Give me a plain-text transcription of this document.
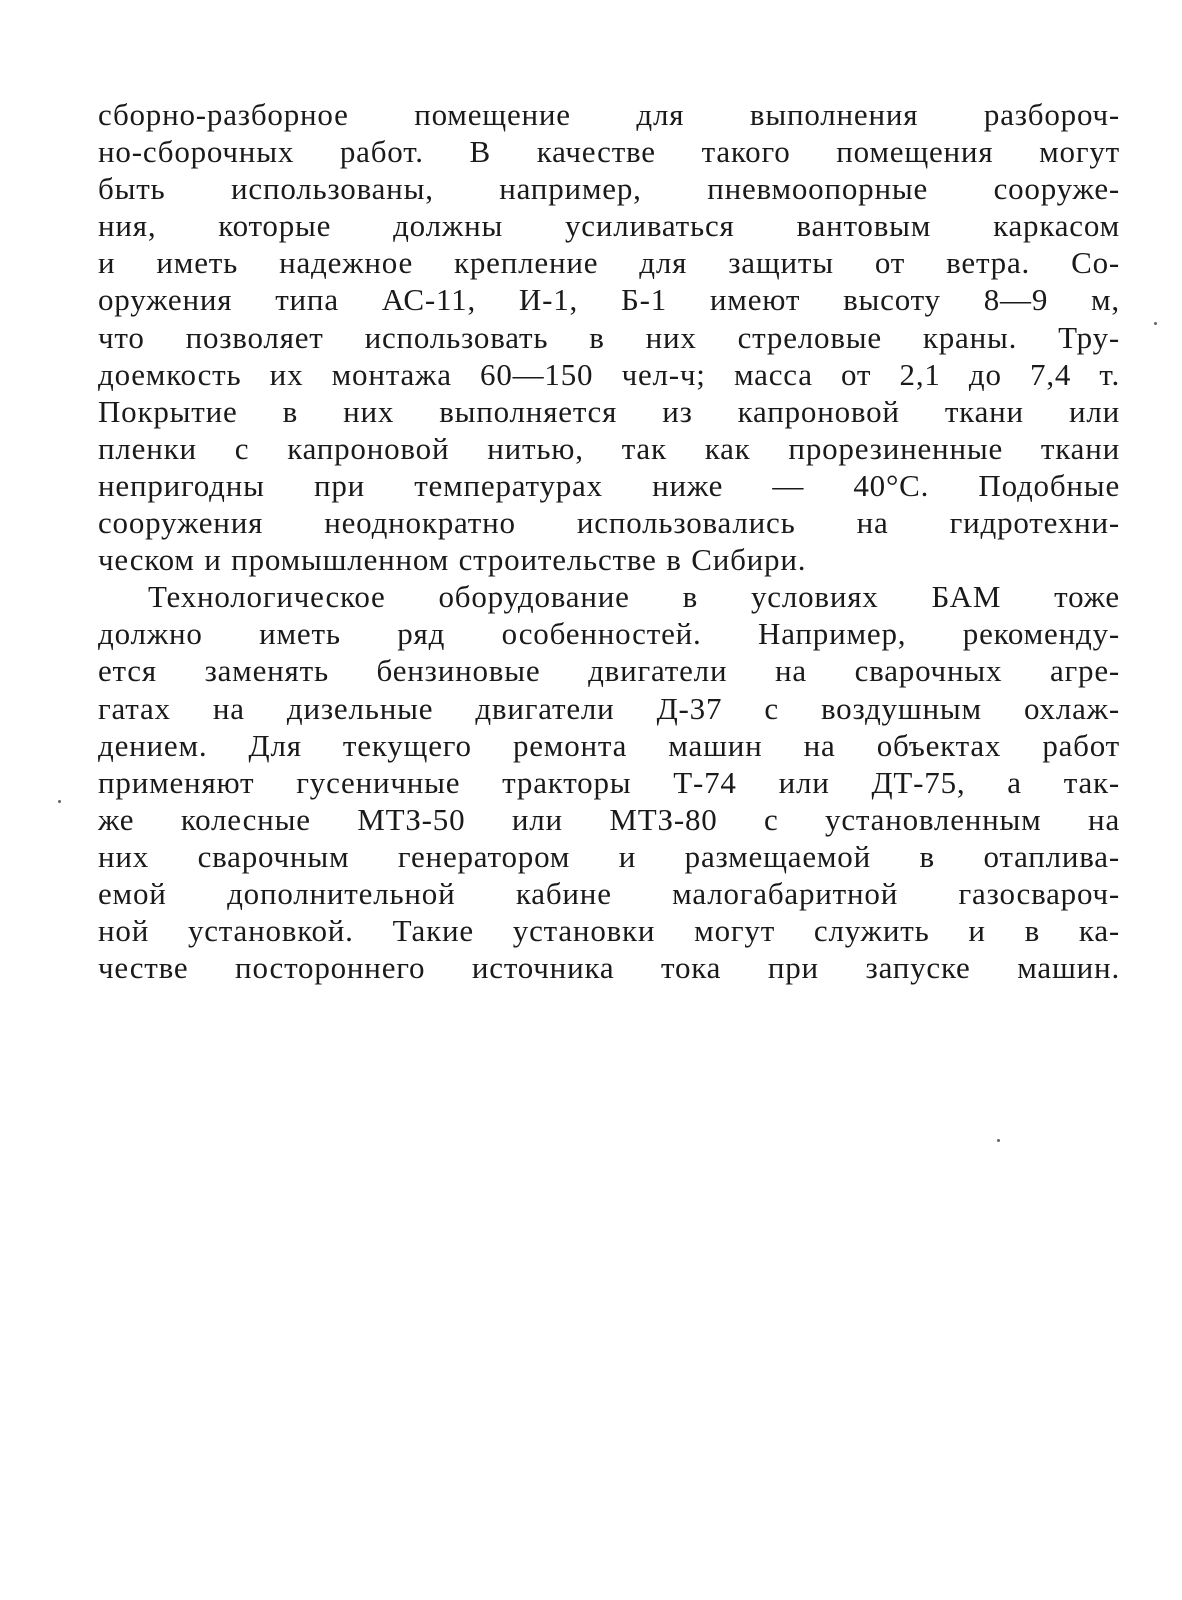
сборно-разборное помещение для выполнения разбороч-
но-сборочных работ. В качестве такого помещения могут
быть использованы, например, пневмоопорные сооруже-
ния, которые должны усиливаться вантовым каркасом
и иметь надежное крепление для защиты от ветра. Со-
оружения типа АС-11, И-1, Б-1 имеют высоту 8—9 м,
что позволяет использовать в них стреловые краны. Тру-
доемкость их монтажа 60—150 чел-ч; масса от 2,1 до 7,4 т.
Покрытие в них выполняется из капроновой ткани или
пленки с капроновой нитью, так как прорезиненные ткани
непригодны при температурах ниже — 40°С. Подобные
сооружения неоднократно использовались на гидротехни-
ческом и промышленном строительстве в Сибири.
Технологическое оборудование в условиях БАМ тоже
должно иметь ряд особенностей. Например, рекоменду-
ется заменять бензиновые двигатели на сварочных агре-
гатах на дизельные двигатели Д-37 с воздушным охлаж-
дением. Для текущего ремонта машин на объектах работ
применяют гусеничные тракторы Т-74 или ДТ-75, а так-
же колесные МТЗ-50 или МТЗ-80 с установленным на
них сварочным генератором и размещаемой в отаплива-
емой дополнительной кабине малогабаритной газосвароч-
ной установкой. Такие установки могут служить и в ка-
честве постороннего источника тока при запуске машин.
